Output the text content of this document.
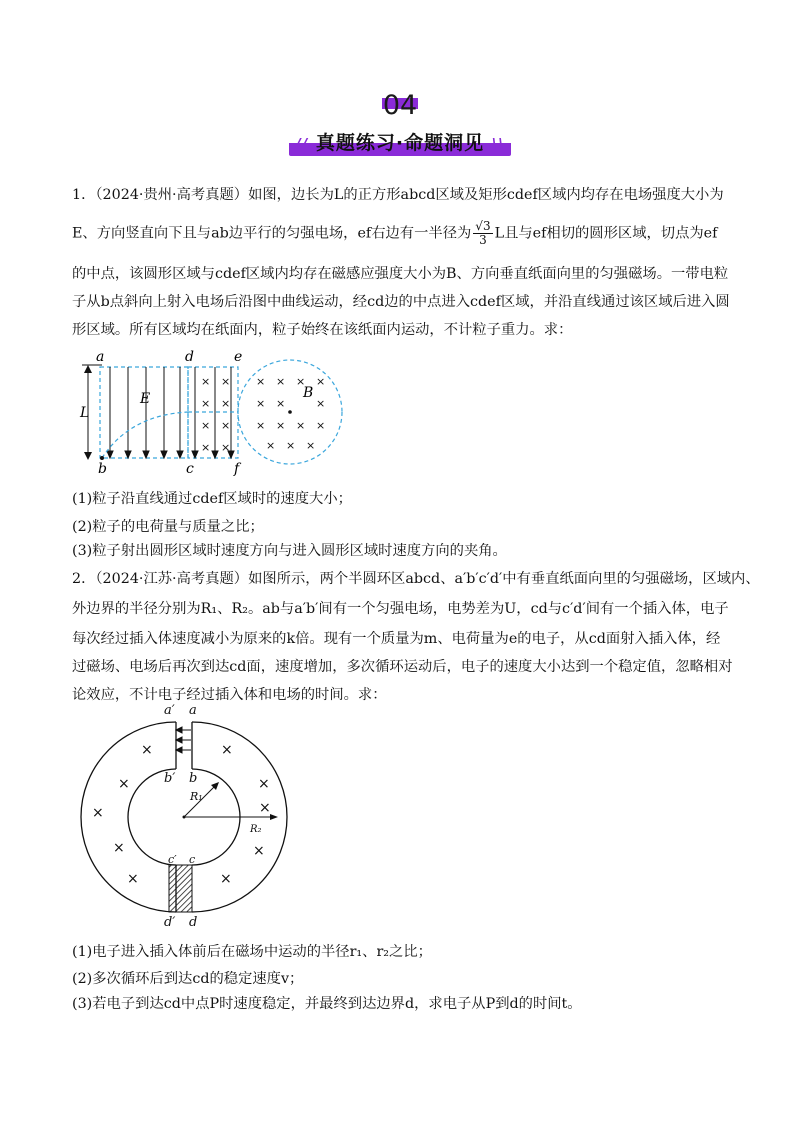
04
// 真题练习·命题洞见 \\
1．（2024·贵州·高考真题）如图，边长为L的正方形abcd区域及矩形cdef区域内均存在电场强度大小为
E、方向竖直向下且与ab边平行的匀强电场，ef右边有一半径为 $\frac{√3}{3}$ L且与ef相切的圆形区域，切点为ef
的中点，该圆形区域与cdef区域内均存在磁感应强度大小为B、方向垂直纸面向里的匀强磁场。一带电粒
子从b点斜向上射入电场后沿图中曲线运动，经cd边的中点进入cdef区域，并沿直线通过该区域后进入圆
形区域。所有区域均在纸面内，粒子始终在该纸面内运动，不计粒子重力。求：
L
a	d	e
b	c	f
E
× ×
× ×
× ×
× ×
B
× × × ×
× ×	×
× × × ×
× × ×
(1)粒子沿直线通过cdef区域时的速度大小；
(2)粒子的电荷量与质量之比；
(3)粒子射出圆形区域时速度方向与进入圆形区域时速度方向的夹角。
2．（2024·江苏·高考真题）如图所示，两个半圆环区abcd、a′b′c′d′中有垂直纸面向里的匀强磁场，区域内、
外边界的半径分别为R₁、R₂。ab与a′b′间有一个匀强电场，电势差为U，cd与c′d′间有一个插入体，电子
每次经过插入体速度减小为原来的k倍。现有一个质量为m、电荷量为e的电子，从cd面射入插入体，经
过磁场、电场后再次到达cd面，速度增加，多次循环运动后，电子的速度大小达到一个稳定值，忽略相对
论效应，不计电子经过插入体和电场的时间。求：
a′ a
b′ b
c′ c
d′ d
R₁
R₂
×	×
×	×
×	×
×	×
×	×
(1)电子进入插入体前后在磁场中运动的半径r₁、r₂之比；
(2)多次循环后到达cd的稳定速度v；
(3)若电子到达cd中点P时速度稳定，并最终到达边界d，求电子从P到d的时间t。
